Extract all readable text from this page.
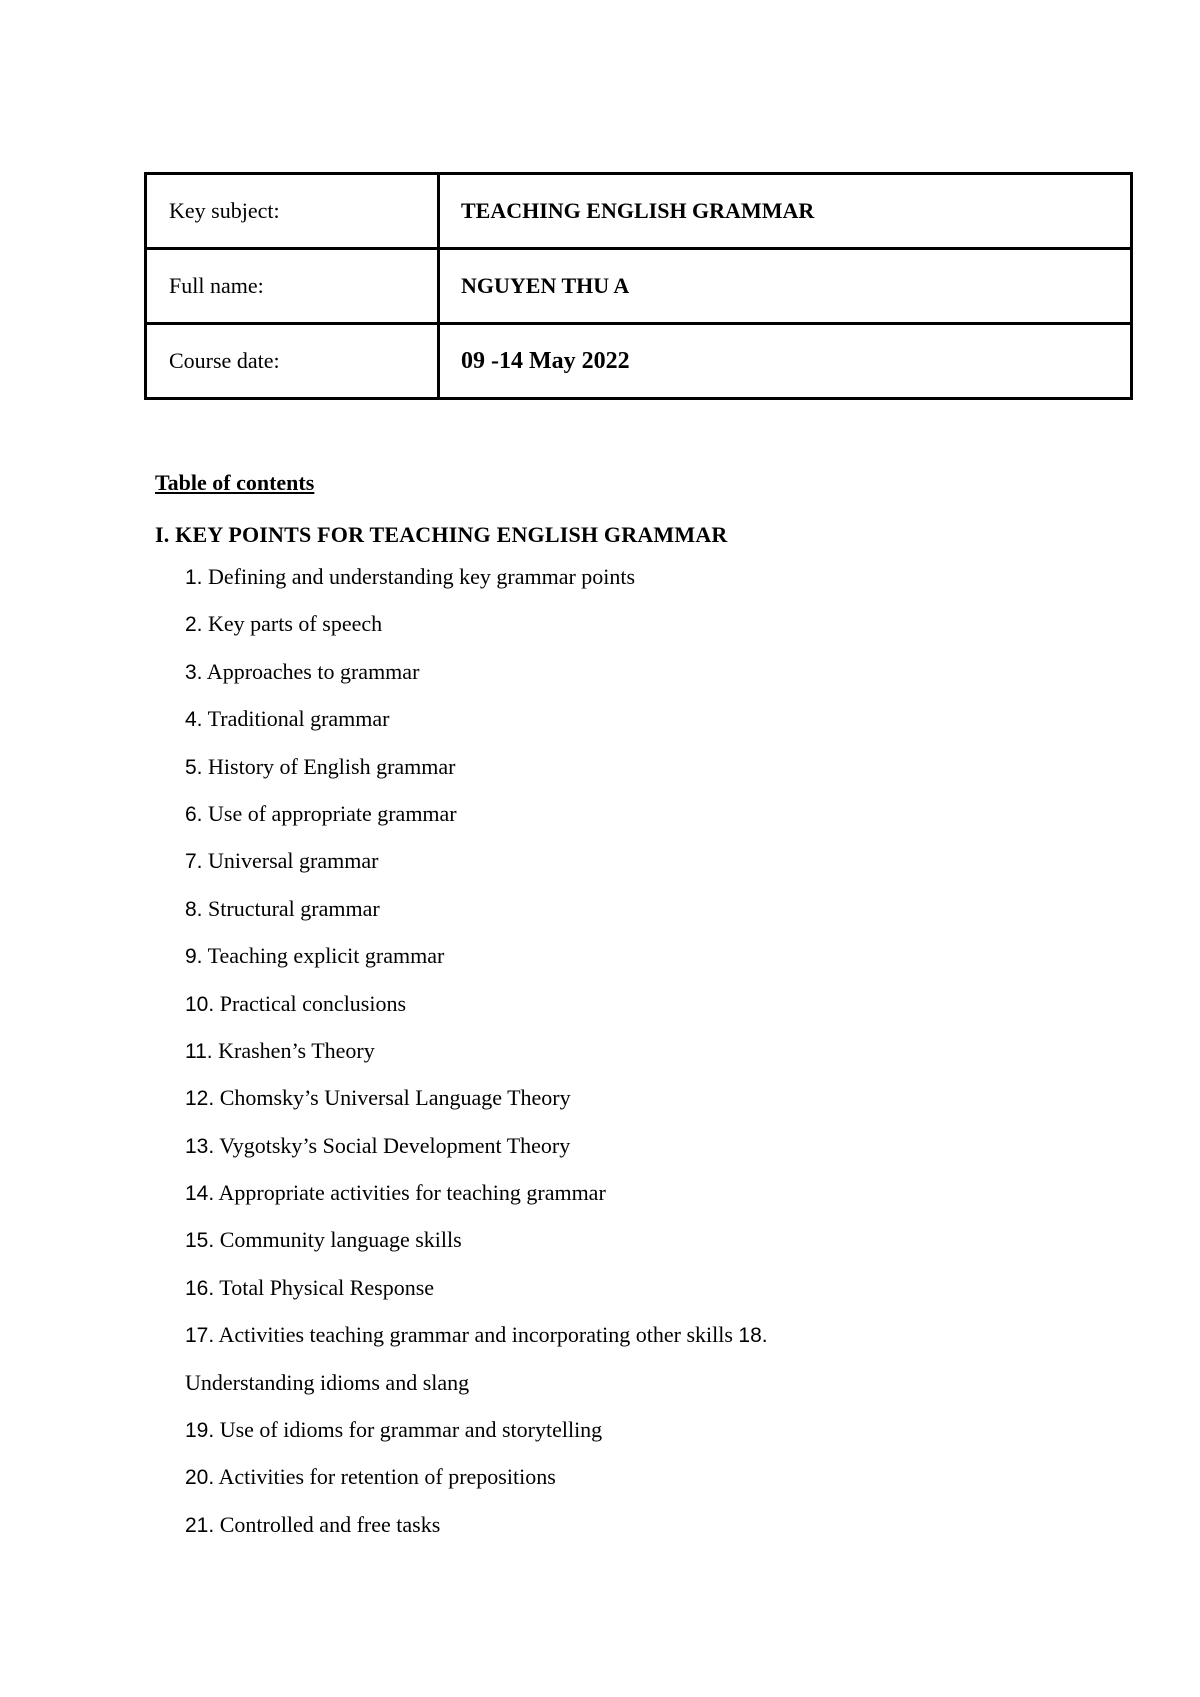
Key subject:	TEACHING ENGLISH GRAMMAR
Full name:	NGUYEN THU A
Course date:	09 -14 May 2022

Table of contents

I. KEY POINTS FOR TEACHING ENGLISH GRAMMAR

1. Defining and understanding key grammar points
2. Key parts of speech
3. Approaches to grammar
4. Traditional grammar
5. History of English grammar
6. Use of appropriate grammar
7. Universal grammar
8. Structural grammar
9. Teaching explicit grammar
10. Practical conclusions
11. Krashen’s Theory
12. Chomsky’s Universal Language Theory
13. Vygotsky’s Social Development Theory
14. Appropriate activities for teaching grammar
15. Community language skills
16. Total Physical Response
17. Activities teaching grammar and incorporating other skills 18.
Understanding idioms and slang
19. Use of idioms for grammar and storytelling
20. Activities for retention of prepositions
21. Controlled and free tasks
